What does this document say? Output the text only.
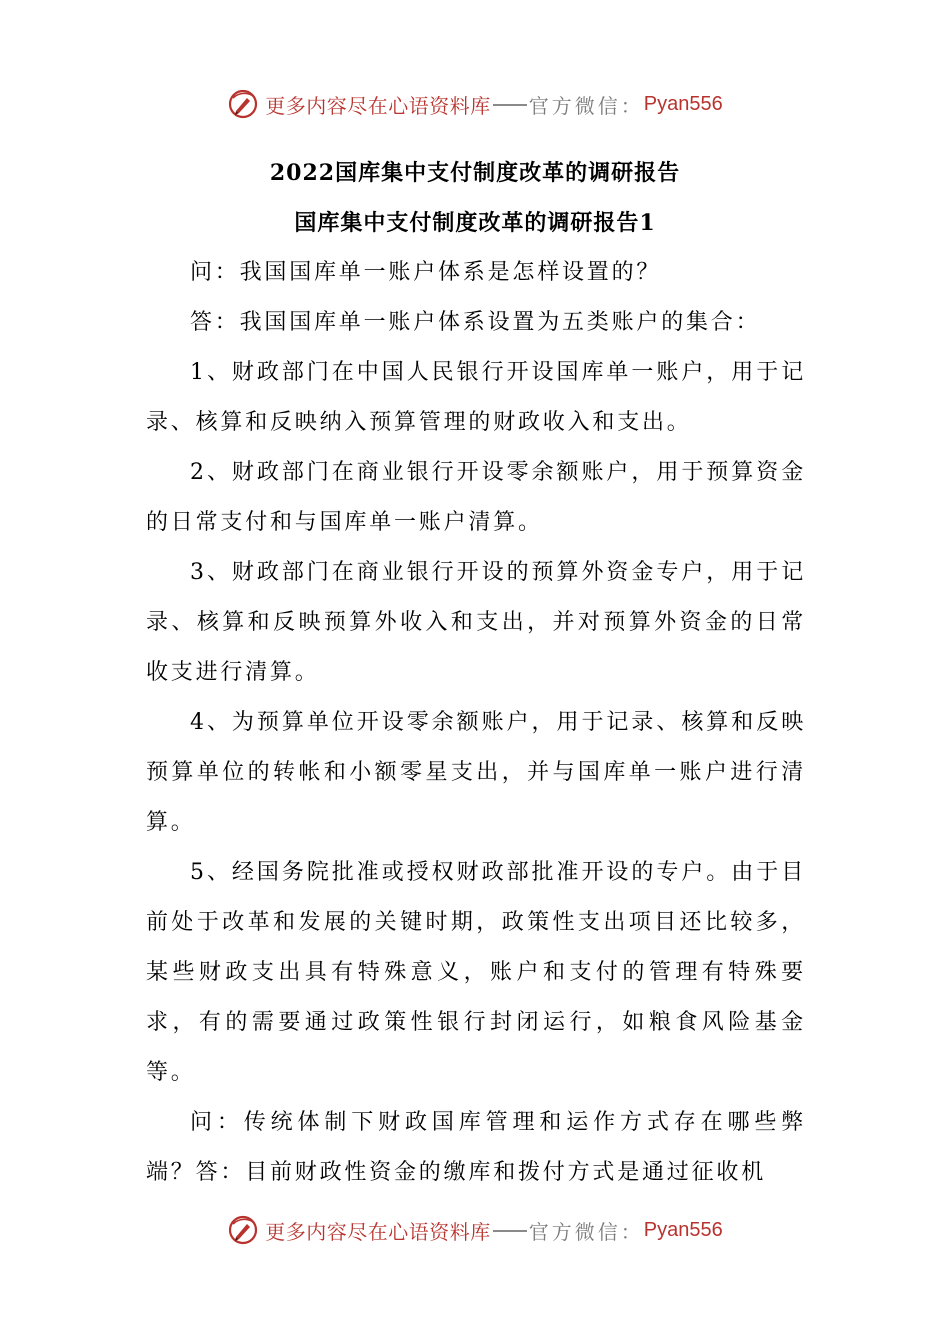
更多内容尽在心语资料库 官方微信： Pyan556
2022国库集中支付制度改革的调研报告
国库集中支付制度改革的调研报告1

问：我国国库单一账户体系是怎样设置的？

答：我国国库单一账户体系设置为五类账户的集合：

1、财政部门在中国人民银行开设国库单一账户，用于记录、核算和反映纳入预算管理的财政收入和支出。

2、财政部门在商业银行开设零余额账户，用于预算资金的日常支付和与国库单一账户清算。

3、财政部门在商业银行开设的预算外资金专户，用于记录、核算和反映预算外收入和支出，并对预算外资金的日常收支进行清算。

4、为预算单位开设零余额账户，用于记录、核算和反映预算单位的转帐和小额零星支出，并与国库单一账户进行清算。

5、经国务院批准或授权财政部批准开设的专户。由于目前处于改革和发展的关键时期，政策性支出项目还比较多，某些财政支出具有特殊意义，账户和支付的管理有特殊要求，有的需要通过政策性银行封闭运行，如粮食风险基金等。

问：传统体制下财政国库管理和运作方式存在哪些弊端？答：目前财政性资金的缴库和拨付方式是通过征收机

更多内容尽在心语资料库 官方微信： Pyan556
